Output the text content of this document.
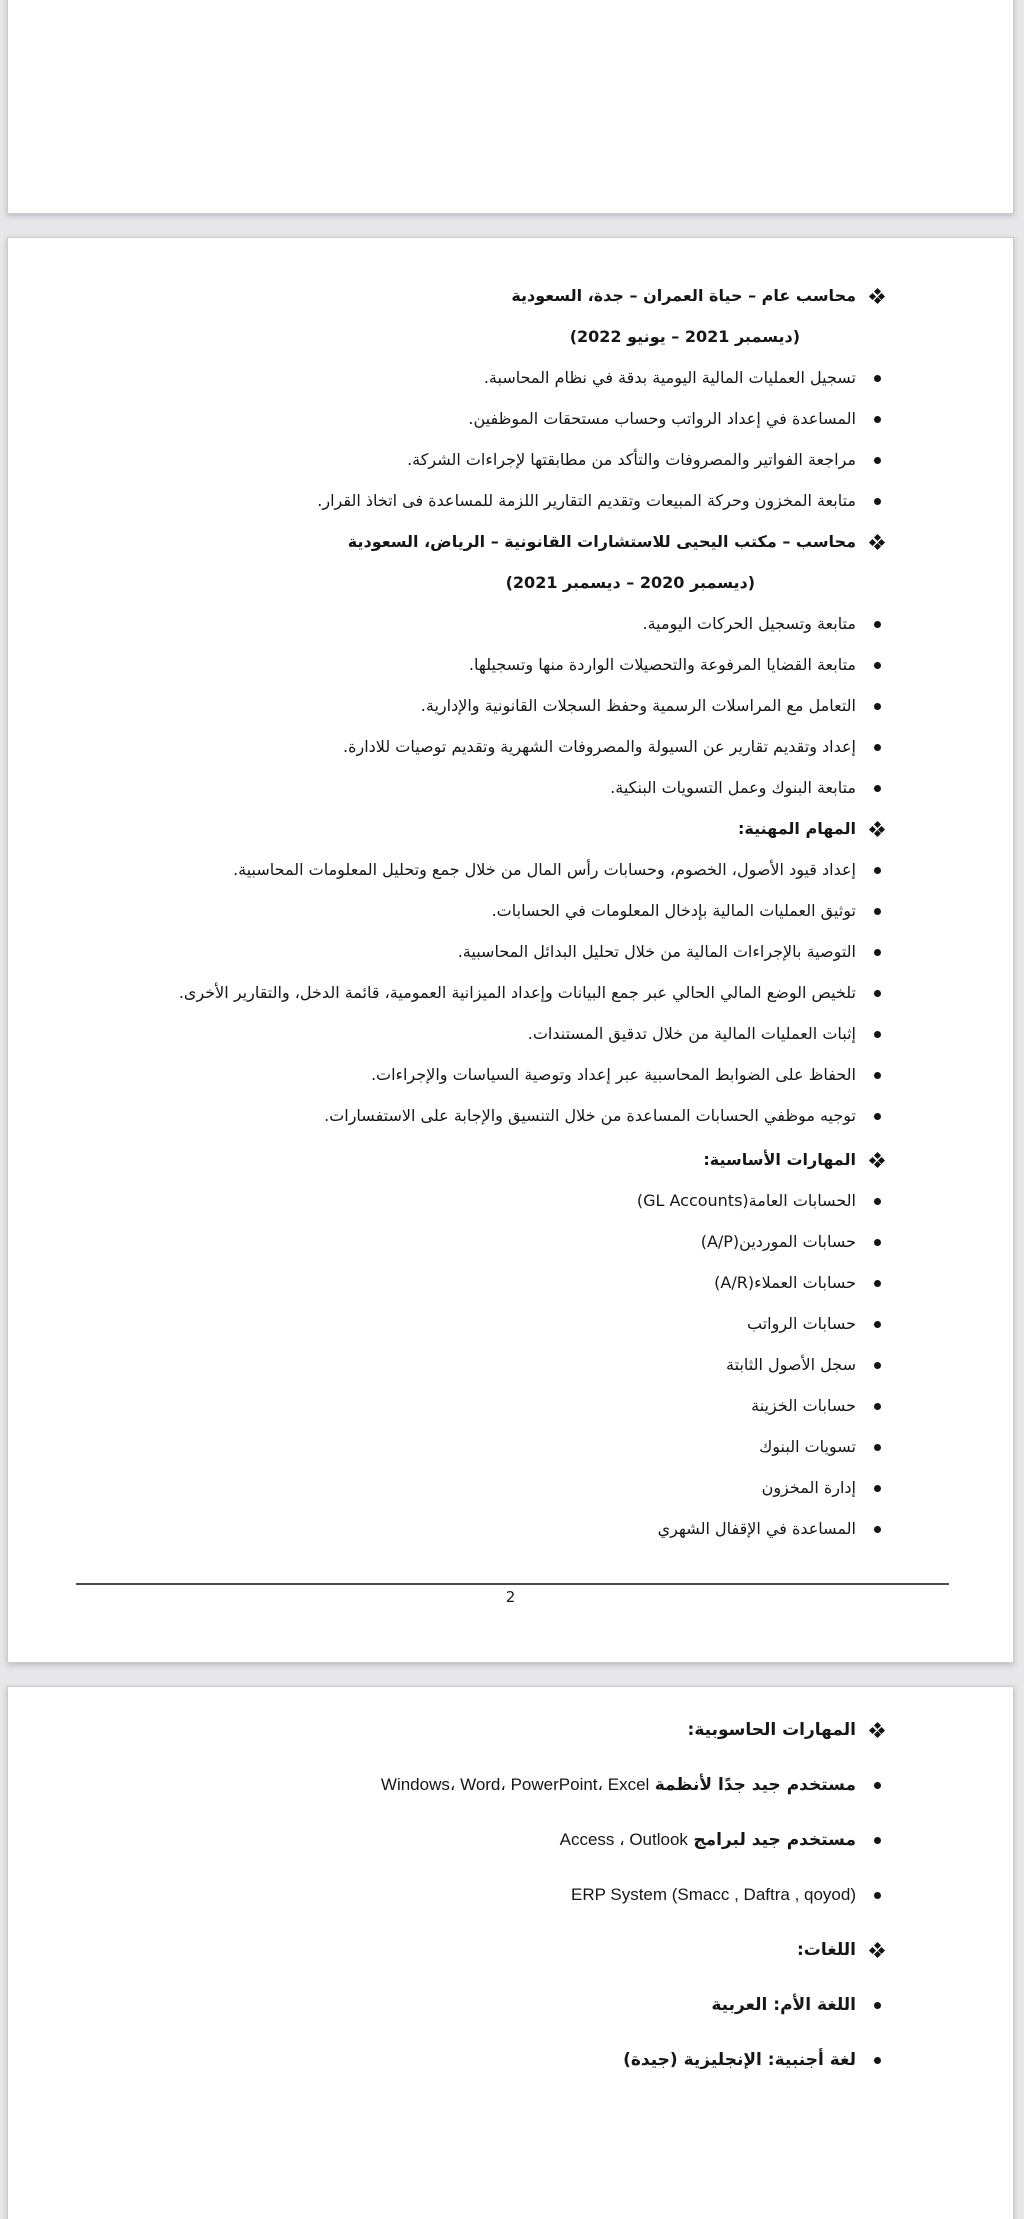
محاسب عام – حياة العمران – جدة، السعودية
(ديسمبر 2021 – يونيو 2022)
تسجيل العمليات المالية اليومية بدقة في نظام المحاسبة.
المساعدة في إعداد الرواتب وحساب مستحقات الموظفين.
مراجعة الفواتير والمصروفات والتأكد من مطابقتها لإجراءات الشركة.
متابعة المخزون وحركة المبيعات وتقديم التقارير اللزمة للمساعدة فى اتخاذ القرار.
محاسب – مكتب اليحيى للاستشارات القانونية – الرياض، السعودية
(ديسمبر 2020 – ديسمبر 2021)
متابعة وتسجيل الحركات اليومية.
متابعة القضايا المرفوعة والتحصيلات الواردة منها وتسجيلها.
التعامل مع المراسلات الرسمية وحفظ السجلات القانونية والإدارية.
إعداد وتقديم تقارير عن السيولة والمصروفات الشهرية وتقديم توصيات للادارة.
متابعة البنوك وعمل التسويات البنكية.
المهام المهنية:
إعداد قيود الأصول، الخصوم، وحسابات رأس المال من خلال جمع وتحليل المعلومات المحاسبية.
توثيق العمليات المالية بإدخال المعلومات في الحسابات.
التوصية بالإجراءات المالية من خلال تحليل البدائل المحاسبية.
تلخيص الوضع المالي الحالي عبر جمع البيانات وإعداد الميزانية العمومية، قائمة الدخل، والتقارير الأخرى.
إثبات العمليات المالية من خلال تدقيق المستندات.
الحفاظ على الضوابط المحاسبية عبر إعداد وتوصية السياسات والإجراءات.
توجيه موظفي الحسابات المساعدة من خلال التنسيق والإجابة على الاستفسارات.
المهارات الأساسية:
الحسابات العامة(GL Accounts)
حسابات الموردين(A/P)
حسابات العملاء(A/R)
حسابات الرواتب
سجل الأصول الثابتة
حسابات الخزينة
تسويات البنوك
إدارة المخزون
المساعدة في الإقفال الشهري
2
المهارات الحاسوبية:
مستخدم جيد جدًا لأنظمة Windows، Word، PowerPoint، Excel
مستخدم جيد لبرامج Access ، Outlook
ERP System (Smacc , Daftra , qoyod)
اللغات:
اللغة الأم: العربية
لغة أجنبية: الإنجليزية (جيدة)
